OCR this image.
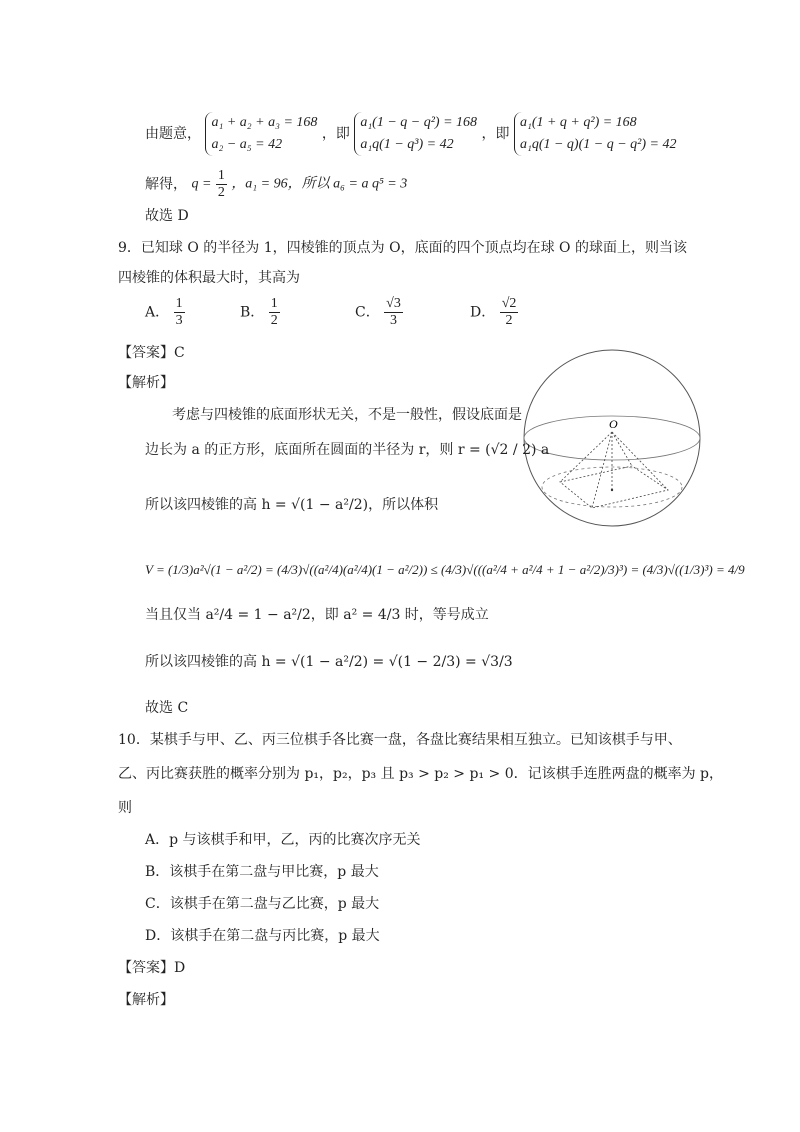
由题意，
a₁ + a₂ + a₃ = 168
a₂ − a₅ = 42
，即
a₁(1 − q − q²) = 168
a₁q(1 − q³) = 42
，即
a₁(1 + q + q²) = 168
a₁q(1 − q)(1 − q − q²) = 42
解得， $q = \frac{1}{2}$ ，a₁ = 96，所以 a₆ = a q⁵ = 3
故选 D
9．已知球 O 的半径为 1，四棱锥的顶点为 O，底面的四个顶点均在球 O 的球面上，则当该
四棱锥的体积最大时，其高为
A． $\frac{1}{3}$	B． $\frac{1}{2}$	C． $\frac{√3}{3}$	D． $\frac{√2}{2}$
【答案】C
【解析】
O
考虑与四棱锥的底面形状无关，不是一般性，假设底面是
边长为 a 的正方形，底面所在圆面的半径为 r，则 r = (√2 / 2) a
所以该四棱锥的高 h = √(1 − a²/2)，所以体积
V = (1/3)a²√(1 − a²/2) = (4/3)√((a²/4)(a²/4)(1 − a²/2)) ≤ (4/3)√(((a²/4 + a²/4 + 1 − a²/2)/3)³) = (4/3)√((1/3)³) = 4/9
当且仅当 a²/4 = 1 − a²/2，即 a² = 4/3 时，等号成立
所以该四棱锥的高 h = √(1 − a²/2) = √(1 − 2/3) = √3/3
故选 C
10．某棋手与甲、乙、丙三位棋手各比赛一盘，各盘比赛结果相互独立。已知该棋手与甲、
乙、丙比赛获胜的概率分别为 p₁，p₂，p₃ 且 p₃ > p₂ > p₁ > 0．记该棋手连胜两盘的概率为 p，
则
A．p 与该棋手和甲，乙，丙的比赛次序无关
B．该棋手在第二盘与甲比赛，p 最大
C．该棋手在第二盘与乙比赛，p 最大
D．该棋手在第二盘与丙比赛，p 最大
【答案】D
【解析】
